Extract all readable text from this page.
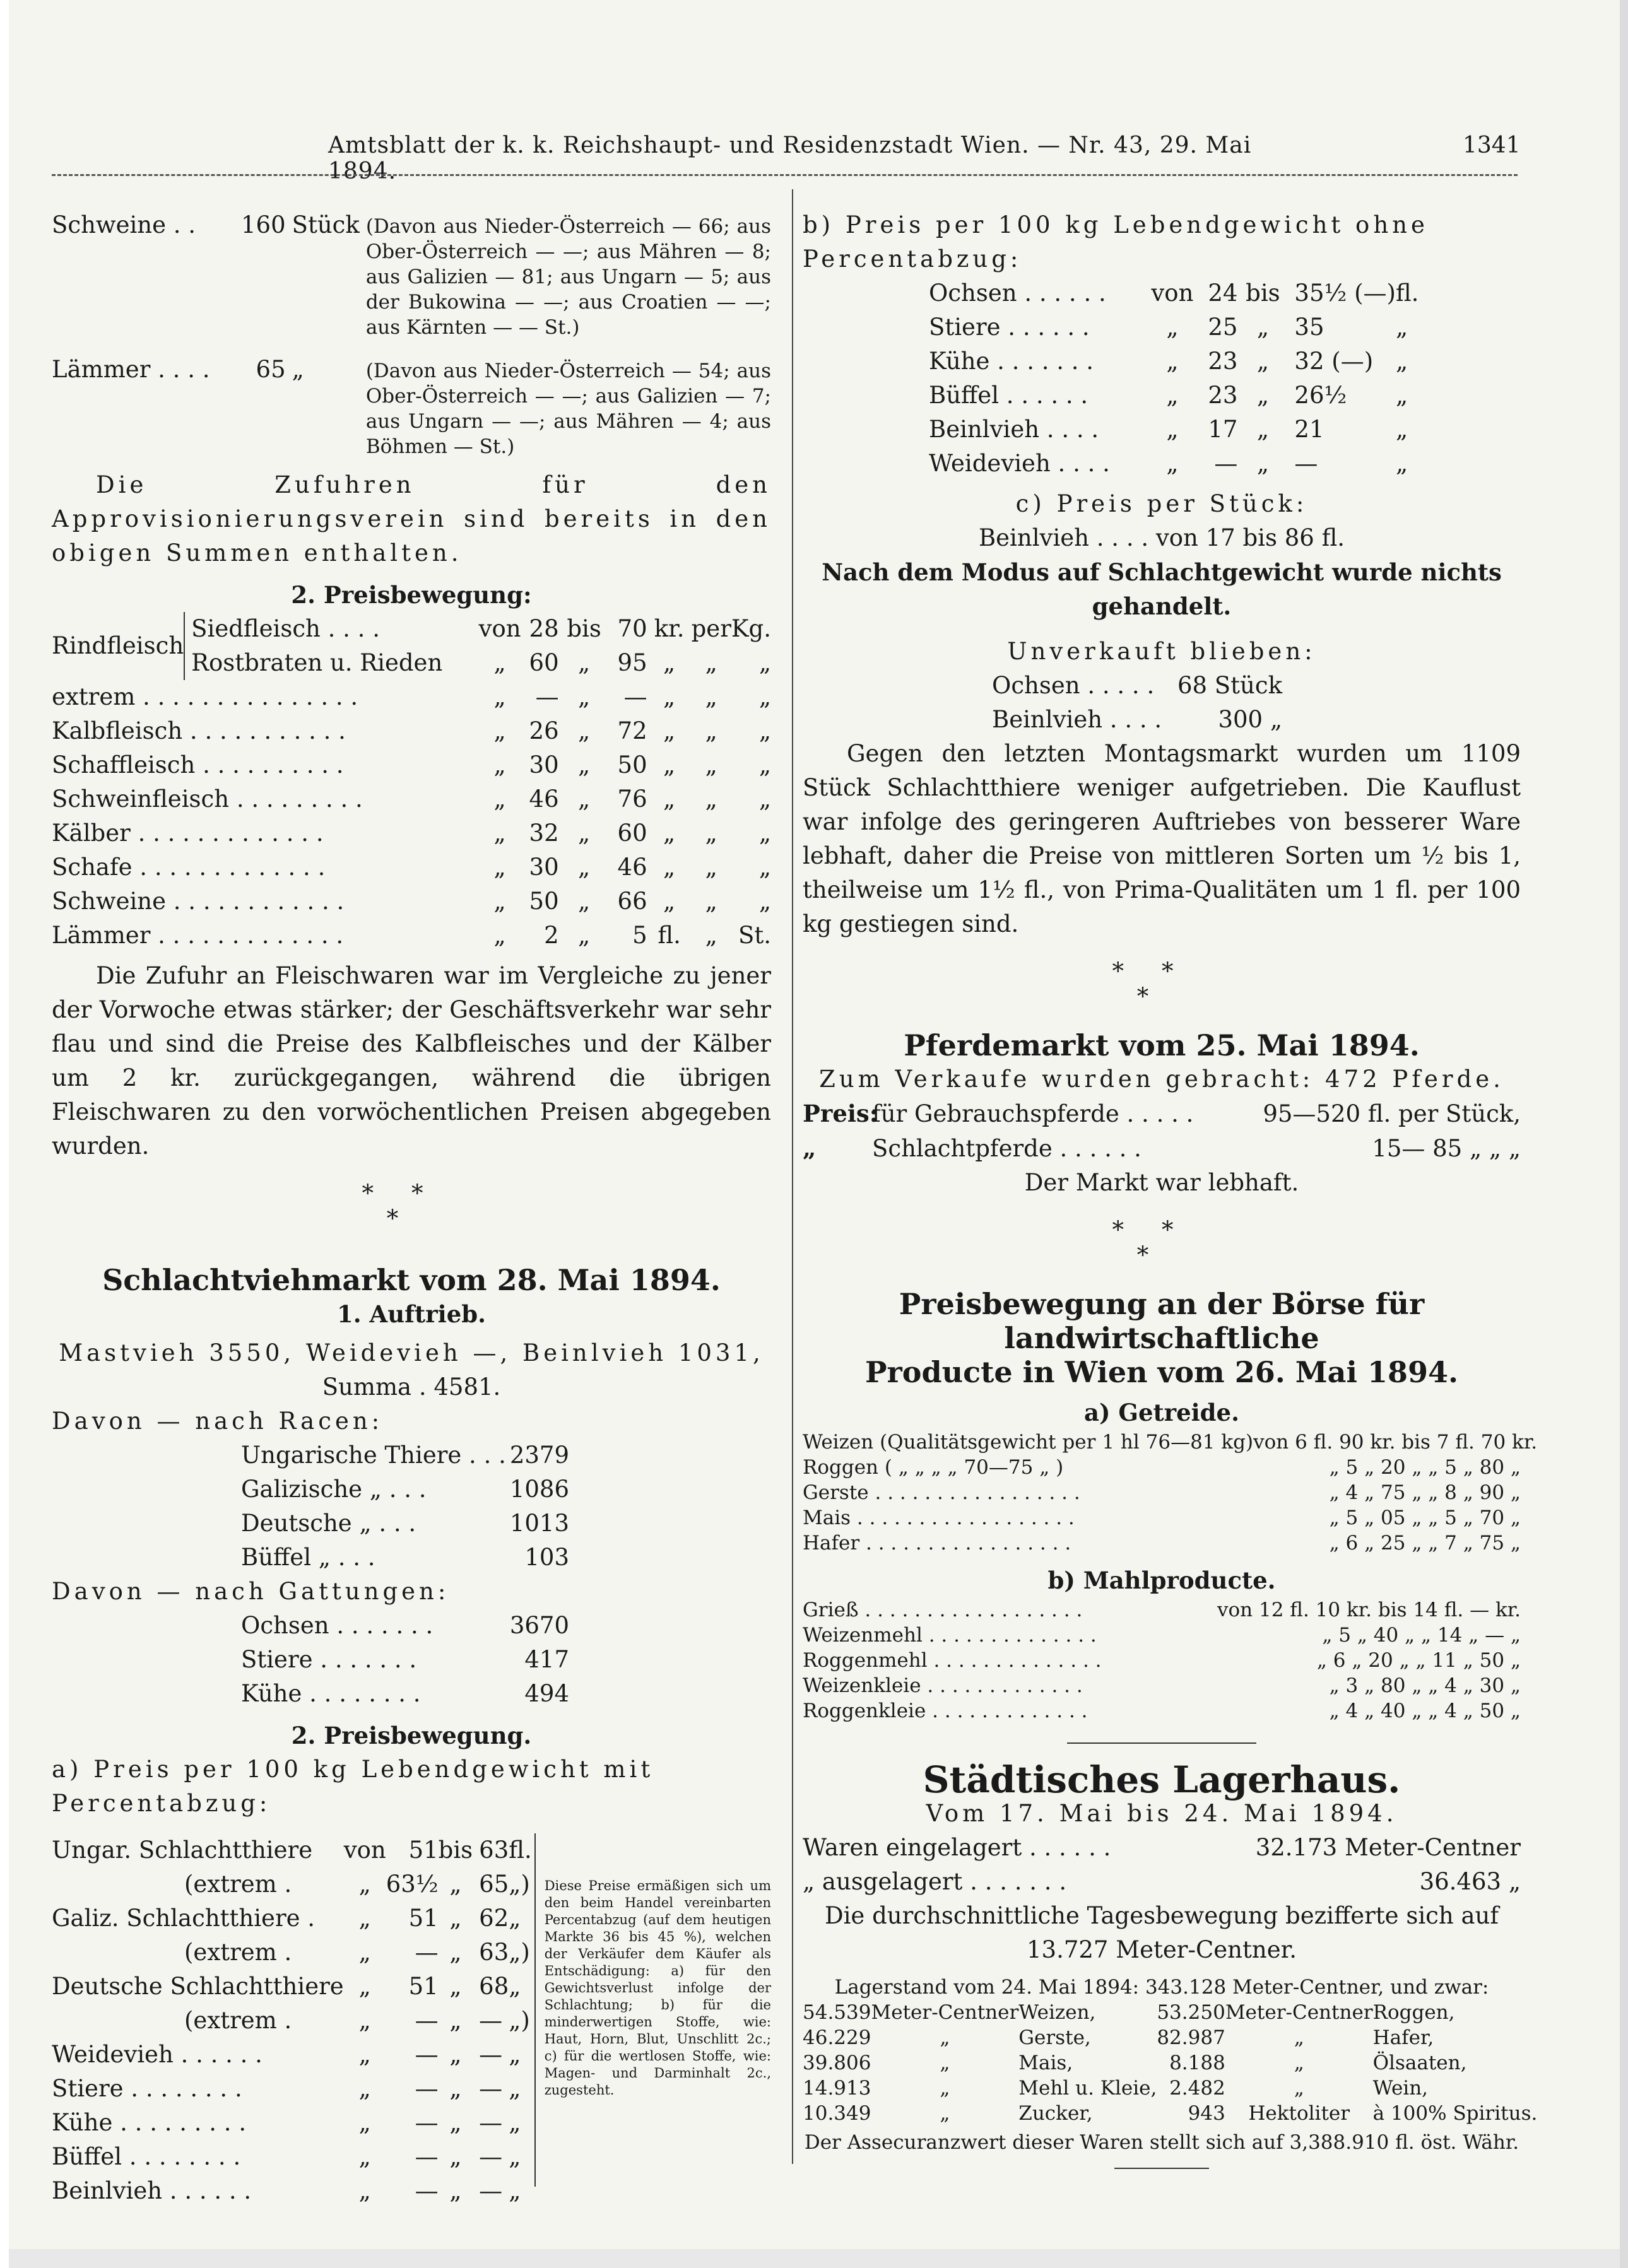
Amtsblatt der k. k. Reichshaupt- und Residenzstadt Wien. — Nr. 43, 29. Mai 1894.
1341
Schweine . .	160	Stück	(Davon aus Nieder-Österreich — 66; aus Ober-Österreich — —; aus Mähren — 8; aus Galizien — 81; aus Ungarn — 5; aus der Bukowina — —; aus Croatien — —; aus Kärnten — — St.)

Lämmer . . . .	65	„	(Davon aus Nieder-Österreich — 54; aus Ober-Österreich — —; aus Galizien — 7; aus Ungarn — —; aus Mähren — 4; aus Böhmen — St.)
Die Zufuhren für den Approvisionierungsverein sind bereits in den obigen Summen enthalten.
2. Preisbewegung:
Rindfleisch	Siedfleisch . . . .	von	28	bis	70	kr.	per	Kg.
	Rostbraten u. Rieden	„	60	„	95	„	„	„
extrem . . . . . . . . . . . . . . .		„	—	„	—	„	„	„
Kalbfleisch . . . . . . . . . . .		„	26	„	72	„	„	„
Schaffleisch . . . . . . . . . .		„	30	„	50	„	„	„
Schweinfleisch . . . . . . . . .		„	46	„	76	„	„	„
Kälber . . . . . . . . . . . . .		„	32	„	60	„	„	„
Schafe . . . . . . . . . . . . .		„	30	„	46	„	„	„
Schweine . . . . . . . . . . . .		„	50	„	66	„	„	„
Lämmer . . . . . . . . . . . . .		„	2	„	5	fl.	„	St.
Die Zufuhr an Fleischwaren war im Vergleiche zu jener der Vorwoche etwas stärker; der Geschäftsverkehr war sehr flau und sind die Preise des Kalbfleisches und der Kälber um 2 kr. zurückgegangen, während die übrigen Fleischwaren zu den vorwöchentlichen Preisen abgegeben wurden.
**
*
Schlachtviehmarkt vom 28. Mai 1894.
1. Auftrieb.
Mastvieh 3550, Weidevieh —, Beinlvieh 1031,
Summa . 4581.
Davon — nach Racen:
Ungarische Thiere . . . 2379
Galizische „ . . .	1086
Deutsche „ . . .	1013
Büffel „ . . .	103
Davon — nach Gattungen:
Ochsen . . . . . . .	3670
Stiere . . . . . . .	417
Kühe . . . . . . . .	494
2. Preisbewegung.
a) Preis per 100 kg Lebendgewicht mit Percentabzug:
Ungar. Schlachtthiere	von	51	bis	63	fl.
(extrem .	„	63½	„	65	„)
Galiz. Schlachtthiere .	„	51	„	62	„
(extrem .	„	—	„	63	„)
Deutsche Schlachtthiere	„	51	„	68	„
(extrem .	„	—	„	—	„)
Weidevieh . . . . . .	„	—	„	—	„
Stiere . . . . . . . .	„	—	„	—	„
Kühe . . . . . . . . .	„	—	„	—	„
Büffel . . . . . . . .	„	—	„	—	„
Beinlvieh . . . . . .	„	—	„	—	„
Diese Preise ermäßigen sich um den beim Handel vereinbarten Percentabzug (auf dem heutigen Markte 36 bis 45 %), welchen der Verkäufer dem Käufer als Entschädigung: a) für den Gewichtsverlust infolge der Schlachtung; b) für die minderwertigen Stoffe, wie: Haut, Horn, Blut, Unschlitt 2c.; c) für die wertlosen Stoffe, wie: Magen- und Darminhalt 2c., zugesteht.
b) Preis per 100 kg Lebendgewicht ohne Percentabzug:
Ochsen . . . . . .	von	24	bis	35½ (—)	fl.
Stiere . . . . . .	„	25	„	35	„
Kühe . . . . . . .	„	23	„	32 (—)	„
Büffel . . . . . .	„	23	„	26½	„
Beinlvieh . . . .	„	17	„	21	„
Weidevieh . . . .	„	—	„	—	„
c) Preis per Stück:
Beinlvieh . . . . von 17 bis 86 fl.
Nach dem Modus auf Schlachtgewicht wurde nichts gehandelt.
Unverkauft blieben:
Ochsen . . . . . 68 Stück
Beinlvieh . . . . 300 „
Gegen den letzten Montagsmarkt wurden um 1109 Stück Schlachtthiere weniger aufgetrieben. Die Kauflust war infolge des geringeren Auftriebes von besserer Ware lebhaft, daher die Preise von mittleren Sorten um ½ bis 1, theilweise um 1½ fl., von Prima-Qualitäten um 1 fl. per 100 kg gestiegen sind.
**
*
Pferdemarkt vom 25. Mai 1894.
Zum Verkaufe wurden gebracht: 472 Pferde.
Preis:für Gebrauchspferde . . . . .	95—520 fl. per Stück,
„ Schlachtpferde . . . . . .	15— 85 „ „ „
Der Markt war lebhaft.
**
*
Preisbewegung an der Börse für landwirtschaftliche
Producte in Wien vom 26. Mai 1894.
a) Getreide.
Weizen (Qualitätsgewicht per 1 hl 76—81 kg) von 6 fl. 90 kr. bis 7 fl. 70 kr.
Roggen ( „ „ „ „ 70—75 „ )	„ 5 „ 20 „ „ 5 „ 80 „
Gerste . . . . . . . . . . . . . . . . .	„ 4 „ 75 „ „ 8 „ 90 „
Mais . . . . . . . . . . . . . . . . . .	„ 5 „ 05 „ „ 5 „ 70 „
Hafer . . . . . . . . . . . . . . . . .	„ 6 „ 25 „ „ 7 „ 75 „
b) Mahlproducte.
Grieß . . . . . . . . . . . . . . . . . .	von 12 fl. 10 kr. bis 14 fl. — kr.
Weizenmehl . . . . . . . . . . . . . .	„ 5 „ 40 „ „ 14 „ — „
Roggenmehl . . . . . . . . . . . . . .	„ 6 „ 20 „ „ 11 „ 50 „
Weizenkleie . . . . . . . . . . . . .	„ 3 „ 80 „ „ 4 „ 30 „
Roggenkleie . . . . . . . . . . . . .	„ 4 „ 40 „ „ 4 „ 50 „
Städtisches Lagerhaus.
Vom 17. Mai bis 24. Mai 1894.
Waren eingelagert . . . . . .	32.173 Meter-Centner
„ ausgelagert . . . . . . .	36.463 „
Die durchschnittliche Tagesbewegung bezifferte sich auf
13.727 Meter-Centner.
Lagerstand vom 24. Mai 1894: 343.128 Meter-Centner, und zwar:
54.539	Meter-Centner	Weizen,	53.250	Meter-Centner	Roggen,
46.229	„	Gerste,	82.987	„	Hafer,
39.806	„	Mais,	8.188	„	Ölsaaten,
14.913	„	Mehl u. Kleie,	2.482	„	Wein,
10.349	„	Zucker,	943	Hektoliter	à 100% Spiritus.
Der Assecuranzwert dieser Waren stellt sich auf 3,388.910 fl. öst. Währ.
